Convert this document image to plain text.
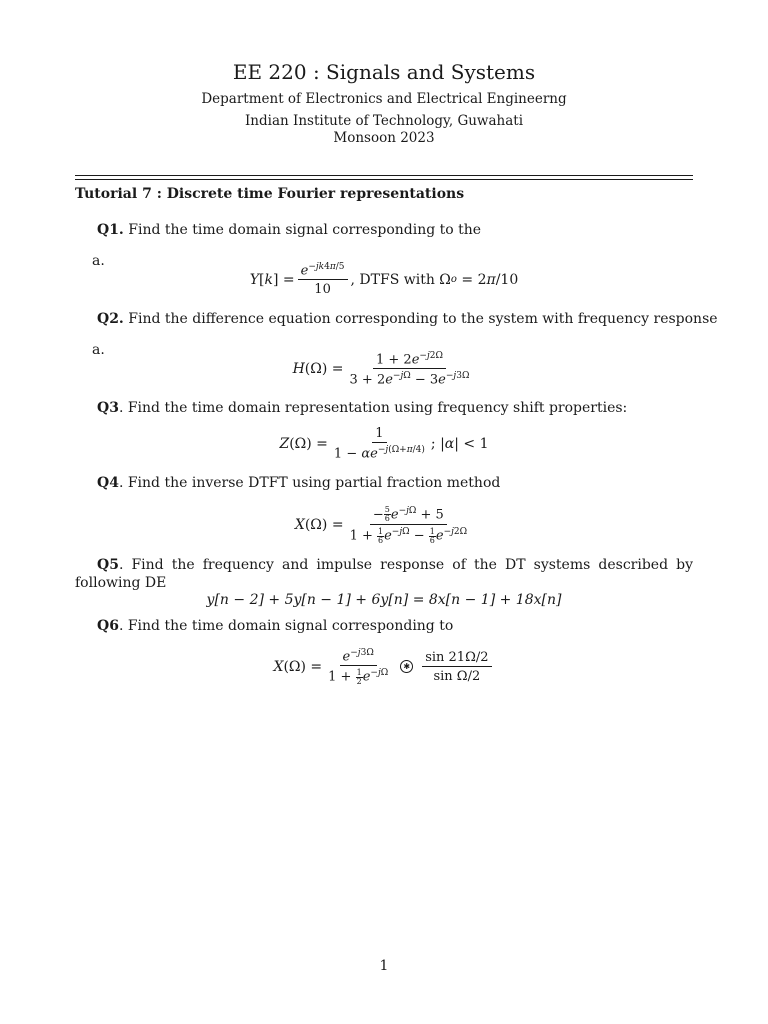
EE 220 : Signals and Systems
Department of Electronics and Electrical Engineerng
Indian Institute of Technology, Guwahati
Monsoon 2023
Tutorial 7 : Discrete time Fourier representations
Q1. Find the time domain signal corresponding to the
a.
Y [ k ] = $\frac{e^{-jk4\pi/5}}{10}$ , DTFS with Ω o = 2 π /10
Q2. Find the difference equation corresponding to the system with frequency response
a.
H $(\Omega) = \frac{1 + 2e^{-j2\Omega}}{3 + 2e^{-j\Omega} - 3e^{-j3\Omega}}$
Q3. Find the time domain representation using frequency shift properties:
Z $(\Omega) = \frac{1}{1 - \alpha e^{-j(\Omega+\pi/4)}}$ ; | α | < 1
Q4. Find the inverse DTFT using partial fraction method
X $(\Omega) = \frac{- \frac{5}{6} e^{-j\Omega} + 5}{1 + \frac{1}{6} e^{-j\Omega} - \frac{1}{6} e^{-j2\Omega}}$
Q5. Find the frequency and impulse response of the DT systems described by following DE
y[n − 2] + 5y[n − 1] + 6y[n] = 8x[n − 1] + 18x[n]
Q6. Find the time domain signal corresponding to
X $(\Omega) = \frac{e^{-j3\Omega}}{1 + \frac{1}{2} e^{-j\Omega}}$	✱ $\frac{\sin 21\Omega/2}{\text{sin Ω/2}}$
1
